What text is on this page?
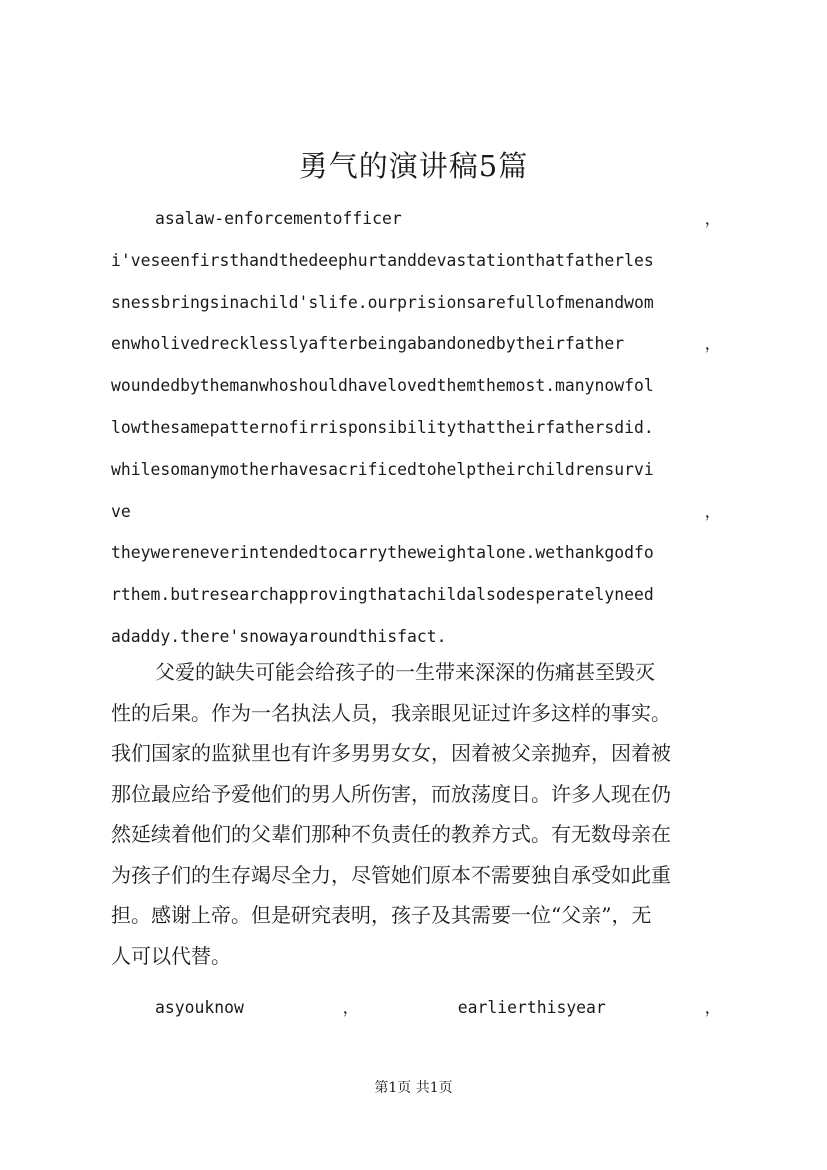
勇气的演讲稿5篇
asalaw-enforcementofficer	，
i'veseenfirsthandthedeephurtanddevastationthatfatherles
snessbringsinachild'slife.ourprisionsarefullofmenandwom
enwholivedrecklesslyafterbeingabandonedbytheirfather	，
woundedbythemanwhoshouldhavelovedthemthemost.manynowfol
lowthesamepatternofirrisponsibilitythattheirfathersdid.
whilesomanymotherhavesacrificedtohelptheirchildrensurvi
ve	，
theywereneverintendedtocarrytheweightalone.wethankgodfo
rthem.butresearchapprovingthatachildalsodesperatelyneed
adaddy.there'snowayaroundthisfact.
父爱的缺失可能会给孩子的一生带来深深的伤痛甚至毁灭
性的后果。作为一名执法人员，我亲眼见证过许多这样的事实。
我们国家的监狱里也有许多男男女女，因着被父亲抛弃，因着被
那位最应给予爱他们的男人所伤害，而放荡度日。许多人现在仍
然延续着他们的父辈们那种不负责任的教养方式。有无数母亲在
为孩子们的生存竭尽全力，尽管她们原本不需要独自承受如此重
担。感谢上帝。但是研究表明，孩子及其需要一位“父亲”，无
人可以代替。
asyouknow	，	earlierthisyear	，
第1页 共1页
